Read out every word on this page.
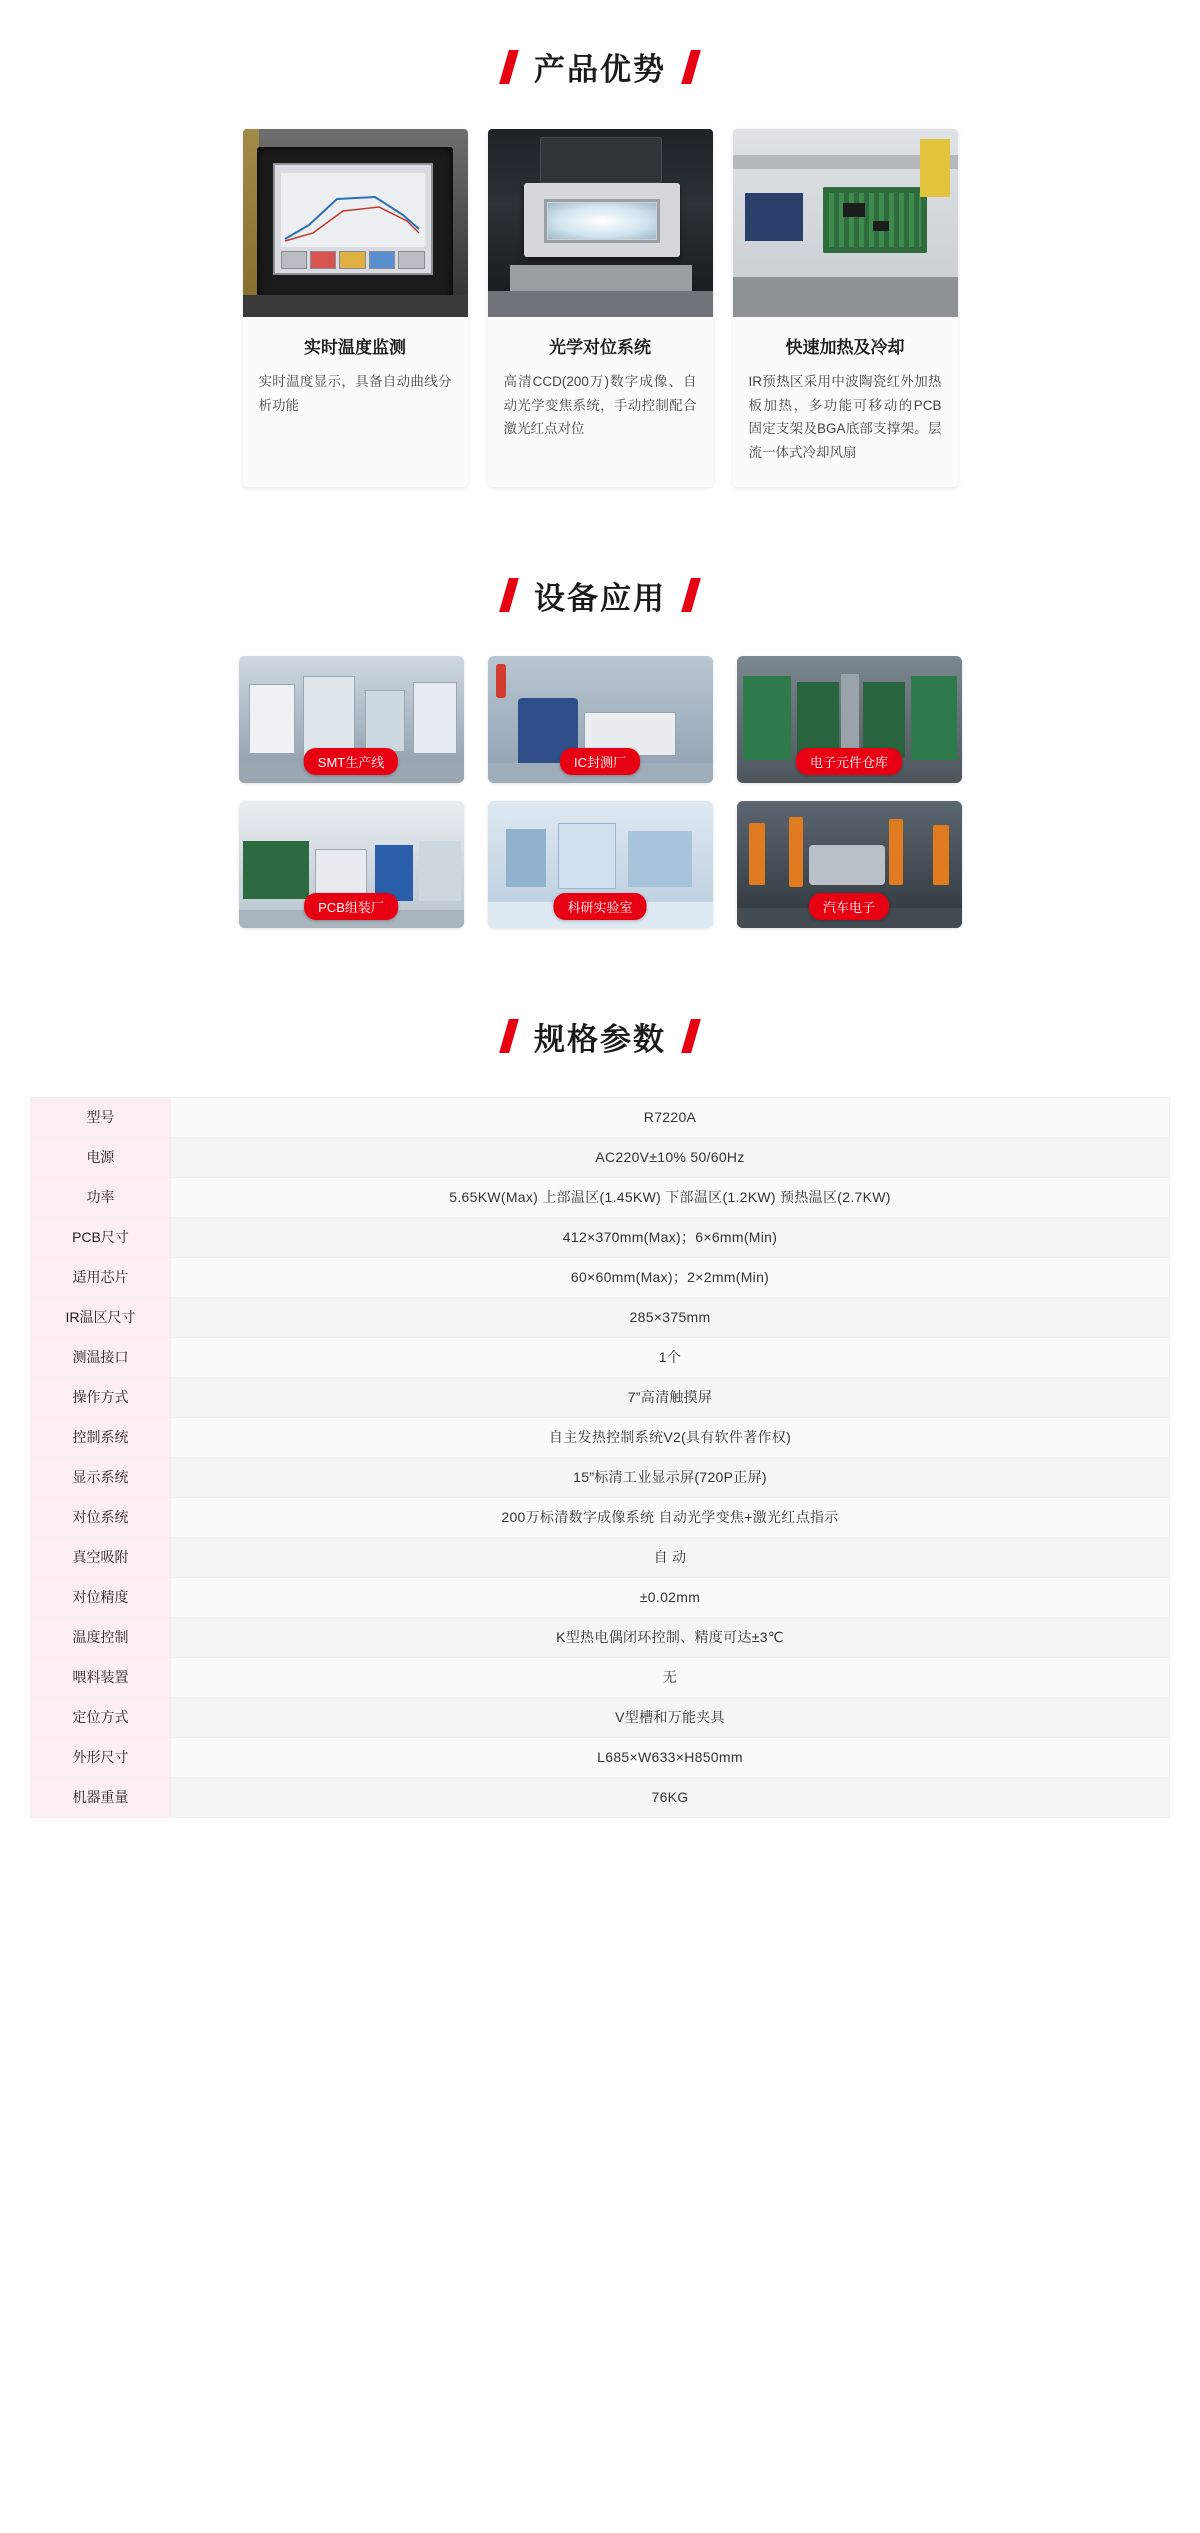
产品优势
实时温度监测
实时温度显示，具备自动曲线分析功能
光学对位系统
高清CCD(200万)数字成像、自动光学变焦系统，手动控制配合激光红点对位
快速加热及冷却
IR预热区采用中波陶瓷红外加热板加热，多功能可移动的PCB 固定支架及BGA底部支撑架。层流一体式冷却风扇
设备应用
SMT生产线	IC封测厂	电子元件仓库
PCB组装厂	科研实验室	汽车电子
规格参数
型号	R7220A
电源	AC220V±10% 50/60Hz
功率	5.65KW(Max) 上部温区(1.45KW) 下部温区(1.2KW) 预热温区(2.7KW)
PCB尺寸	412×370mm(Max)；6×6mm(Min)
适用芯片	60×60mm(Max)；2×2mm(Min)
IR温区尺寸	285×375mm
测温接口	1个
操作方式	7”高清触摸屏
控制系统	自主发热控制系统V2(具有软件著作权)
显示系统	15”标清工业显示屏(720P正屏)
对位系统	200万标清数字成像系统 自动光学变焦+激光红点指示
真空吸附	自 动
对位精度	±0.02mm
温度控制	K型热电偶闭环控制、精度可达±3℃
喂料装置	无
定位方式	V型槽和万能夹具
外形尺寸	L685×W633×H850mm
机器重量	76KG
